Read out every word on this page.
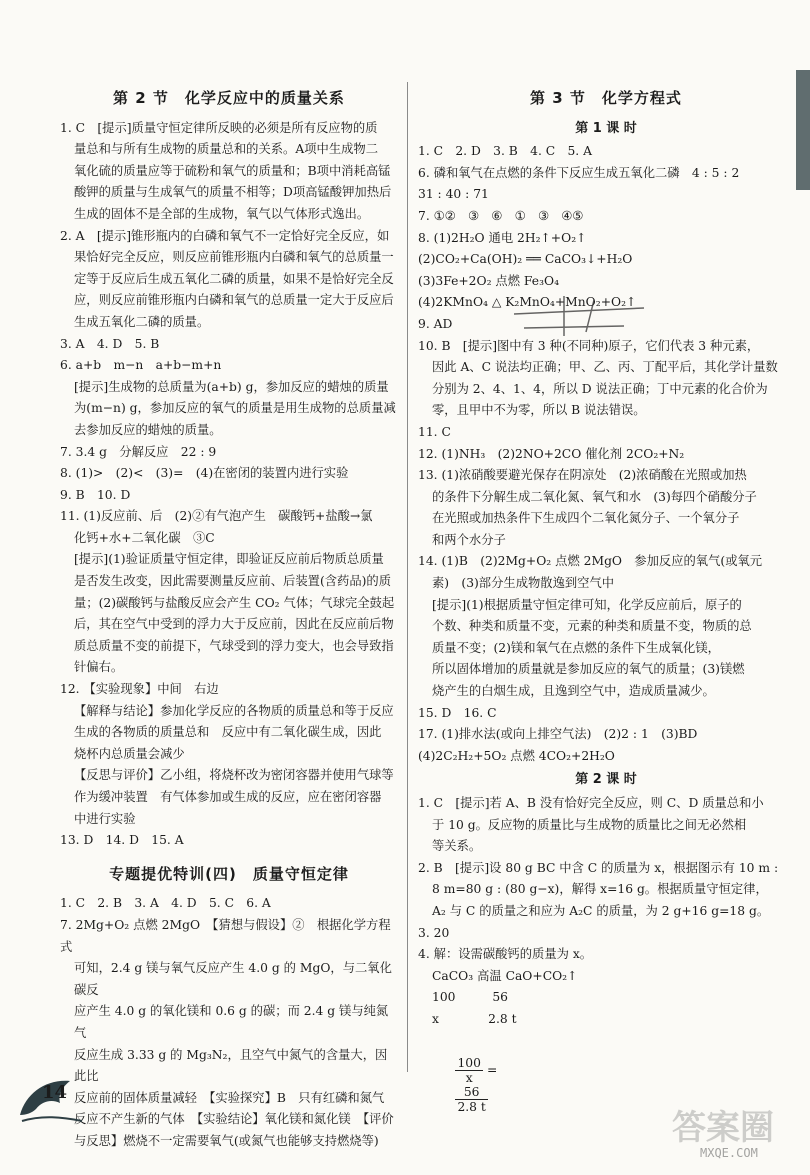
第 2 节　化学反应中的质量关系
1. C　[提示]质量守恒定律所反映的必须是所有反应物的质
量总和与所有生成物的质量总和的关系。A项中生成物二
氧化硫的质量应等于硫粉和氧气的质量和；B项中消耗高锰
酸钾的质量与生成氧气的质量不相等；D项高锰酸钾加热后
生成的固体不是全部的生成物，氧气以气体形式逸出。
2. A　[提示]锥形瓶内的白磷和氧气不一定恰好完全反应，如
果恰好完全反应，则反应前锥形瓶内白磷和氧气的总质量一
定等于反应后生成五氧化二磷的质量，如果不是恰好完全反
应，则反应前锥形瓶内白磷和氧气的总质量一定大于反应后
生成五氧化二磷的质量。
3. A　4. D　5. B
6. a+b　m−n　a+b−m+n
[提示]生成物的总质量为(a+b) g，参加反应的蜡烛的质量
为(m−n) g，参加反应的氧气的质量是用生成物的总质量减
去参加反应的蜡烛的质量。
7. 3.4 g　分解反应　22 : 9
8. (1)>　(2)<　(3)=　(4)在密闭的装置内进行实验
9. B　10. D
11. (1)反应前、后　(2)②有气泡产生　碳酸钙+盐酸→氯
化钙+水+二氧化碳　③C
[提示](1)验证质量守恒定律，即验证反应前后物质总质量
是否发生改变，因此需要测量反应前、后装置(含药品)的质
量；(2)碳酸钙与盐酸反应会产生 CO₂ 气体；气球完全鼓起
后，其在空气中受到的浮力大于反应前，因此在反应前后物
质总质量不变的前提下，气球受到的浮力变大，也会导致指
针偏右。
12. 【实验现象】中间　右边
【解释与结论】参加化学反应的各物质的质量总和等于反应
生成的各物质的质量总和　反应中有二氧化碳生成，因此
烧杯内总质量会减少
【反思与评价】乙小组，将烧杯改为密闭容器并使用气球等
作为缓冲装置　有气体参加或生成的反应，应在密闭容器
中进行实验
13. D　14. D　15. A
专题提优特训(四)　质量守恒定律
1. C　2. B　3. A　4. D　5. C　6. A
7. 2Mg+O₂ 点燃 2MgO　【猜想与假设】②　根据化学方程式
可知，2.4 g 镁与氧气反应产生 4.0 g 的 MgO，与二氧化碳反
应产生 4.0 g 的氧化镁和 0.6 g 的碳；而 2.4 g 镁与纯氮气
反应生成 3.33 g 的 Mg₃N₂，且空气中氮气的含量大，因此比
反应前的固体质量减轻　【实验探究】B　只有红磷和氮气
反应不产生新的气体　【实验结论】氧化镁和氮化镁　【评价
与反思】燃烧不一定需要氧气(或氮气也能够支持燃烧等)
第 3 节　化学方程式
第 1 课 时
1. C　2. D　3. B　4. C　5. A
6. 磷和氧气在点燃的条件下反应生成五氧化二磷　4 : 5 : 2
31 : 40 : 71
7. ①②　③　⑥　①　③　④⑤
8. (1)2H₂O 通电 2H₂↑+O₂↑
(2)CO₂+Ca(OH)₂ ══ CaCO₃↓+H₂O
(3)3Fe+2O₂ 点燃 Fe₃O₄
(4)2KMnO₄ △ K₂MnO₄+MnO₂+O₂↑
9. AD
10. B　[提示]图中有 3 种(不同种)原子，它们代表 3 种元素，
因此 A、C 说法均正确；甲、乙、丙、丁配平后，其化学计量数
分别为 2、4、1、4，所以 D 说法正确；丁中元素的化合价为
零，且甲中不为零，所以 B 说法错误。
11. C
12. (1)NH₃　(2)2NO+2CO 催化剂 2CO₂+N₂
13. (1)浓硝酸要避光保存在阴凉处　(2)浓硝酸在光照或加热
的条件下分解生成二氧化氮、氧气和水　(3)每四个硝酸分子
在光照或加热条件下生成四个二氧化氮分子、一个氧分子
和两个水分子
14. (1)B　(2)2Mg+O₂ 点燃 2MgO　参加反应的氧气(或氧元
素)　(3)部分生成物散逸到空气中
[提示](1)根据质量守恒定律可知，化学反应前后，原子的
个数、种类和质量不变，元素的种类和质量不变，物质的总
质量不变；(2)镁和氧气在点燃的条件下生成氧化镁，
所以固体增加的质量就是参加反应的氧气的质量；(3)镁燃
烧产生的白烟生成，且逸到空气中，造成质量减少。
15. D　16. C
17. (1)排水法(或向上排空气法)　(2)2 : 1　(3)BD
(4)2C₂H₂+5O₂ 点燃 4CO₂+2H₂O
第 2 课 时
1. C　[提示]若 A、B 没有恰好完全反应，则 C、D 质量总和小
于 10 g。反应物的质量比与生成物的质量比之间无必然相
等关系。
2. B　[提示]设 80 g BC 中含 C 的质量为 x，根据图示有 10 m :
8 m=80 g : (80 g−x)，解得 x=16 g。根据质量守恒定律，
A₂ 与 C 的质量之和应为 A₂C 的质量，为 2 g+16 g=18 g。
3. 20
4. 解：设需碳酸钙的质量为 x。
CaCO₃ 高温 CaO+CO₂↑
100　　　56
x　　　　2.8 t

$\frac{100}{x}$ =

$\frac{56}{2.8 t}$

14
答案圈
MXQE.COM
